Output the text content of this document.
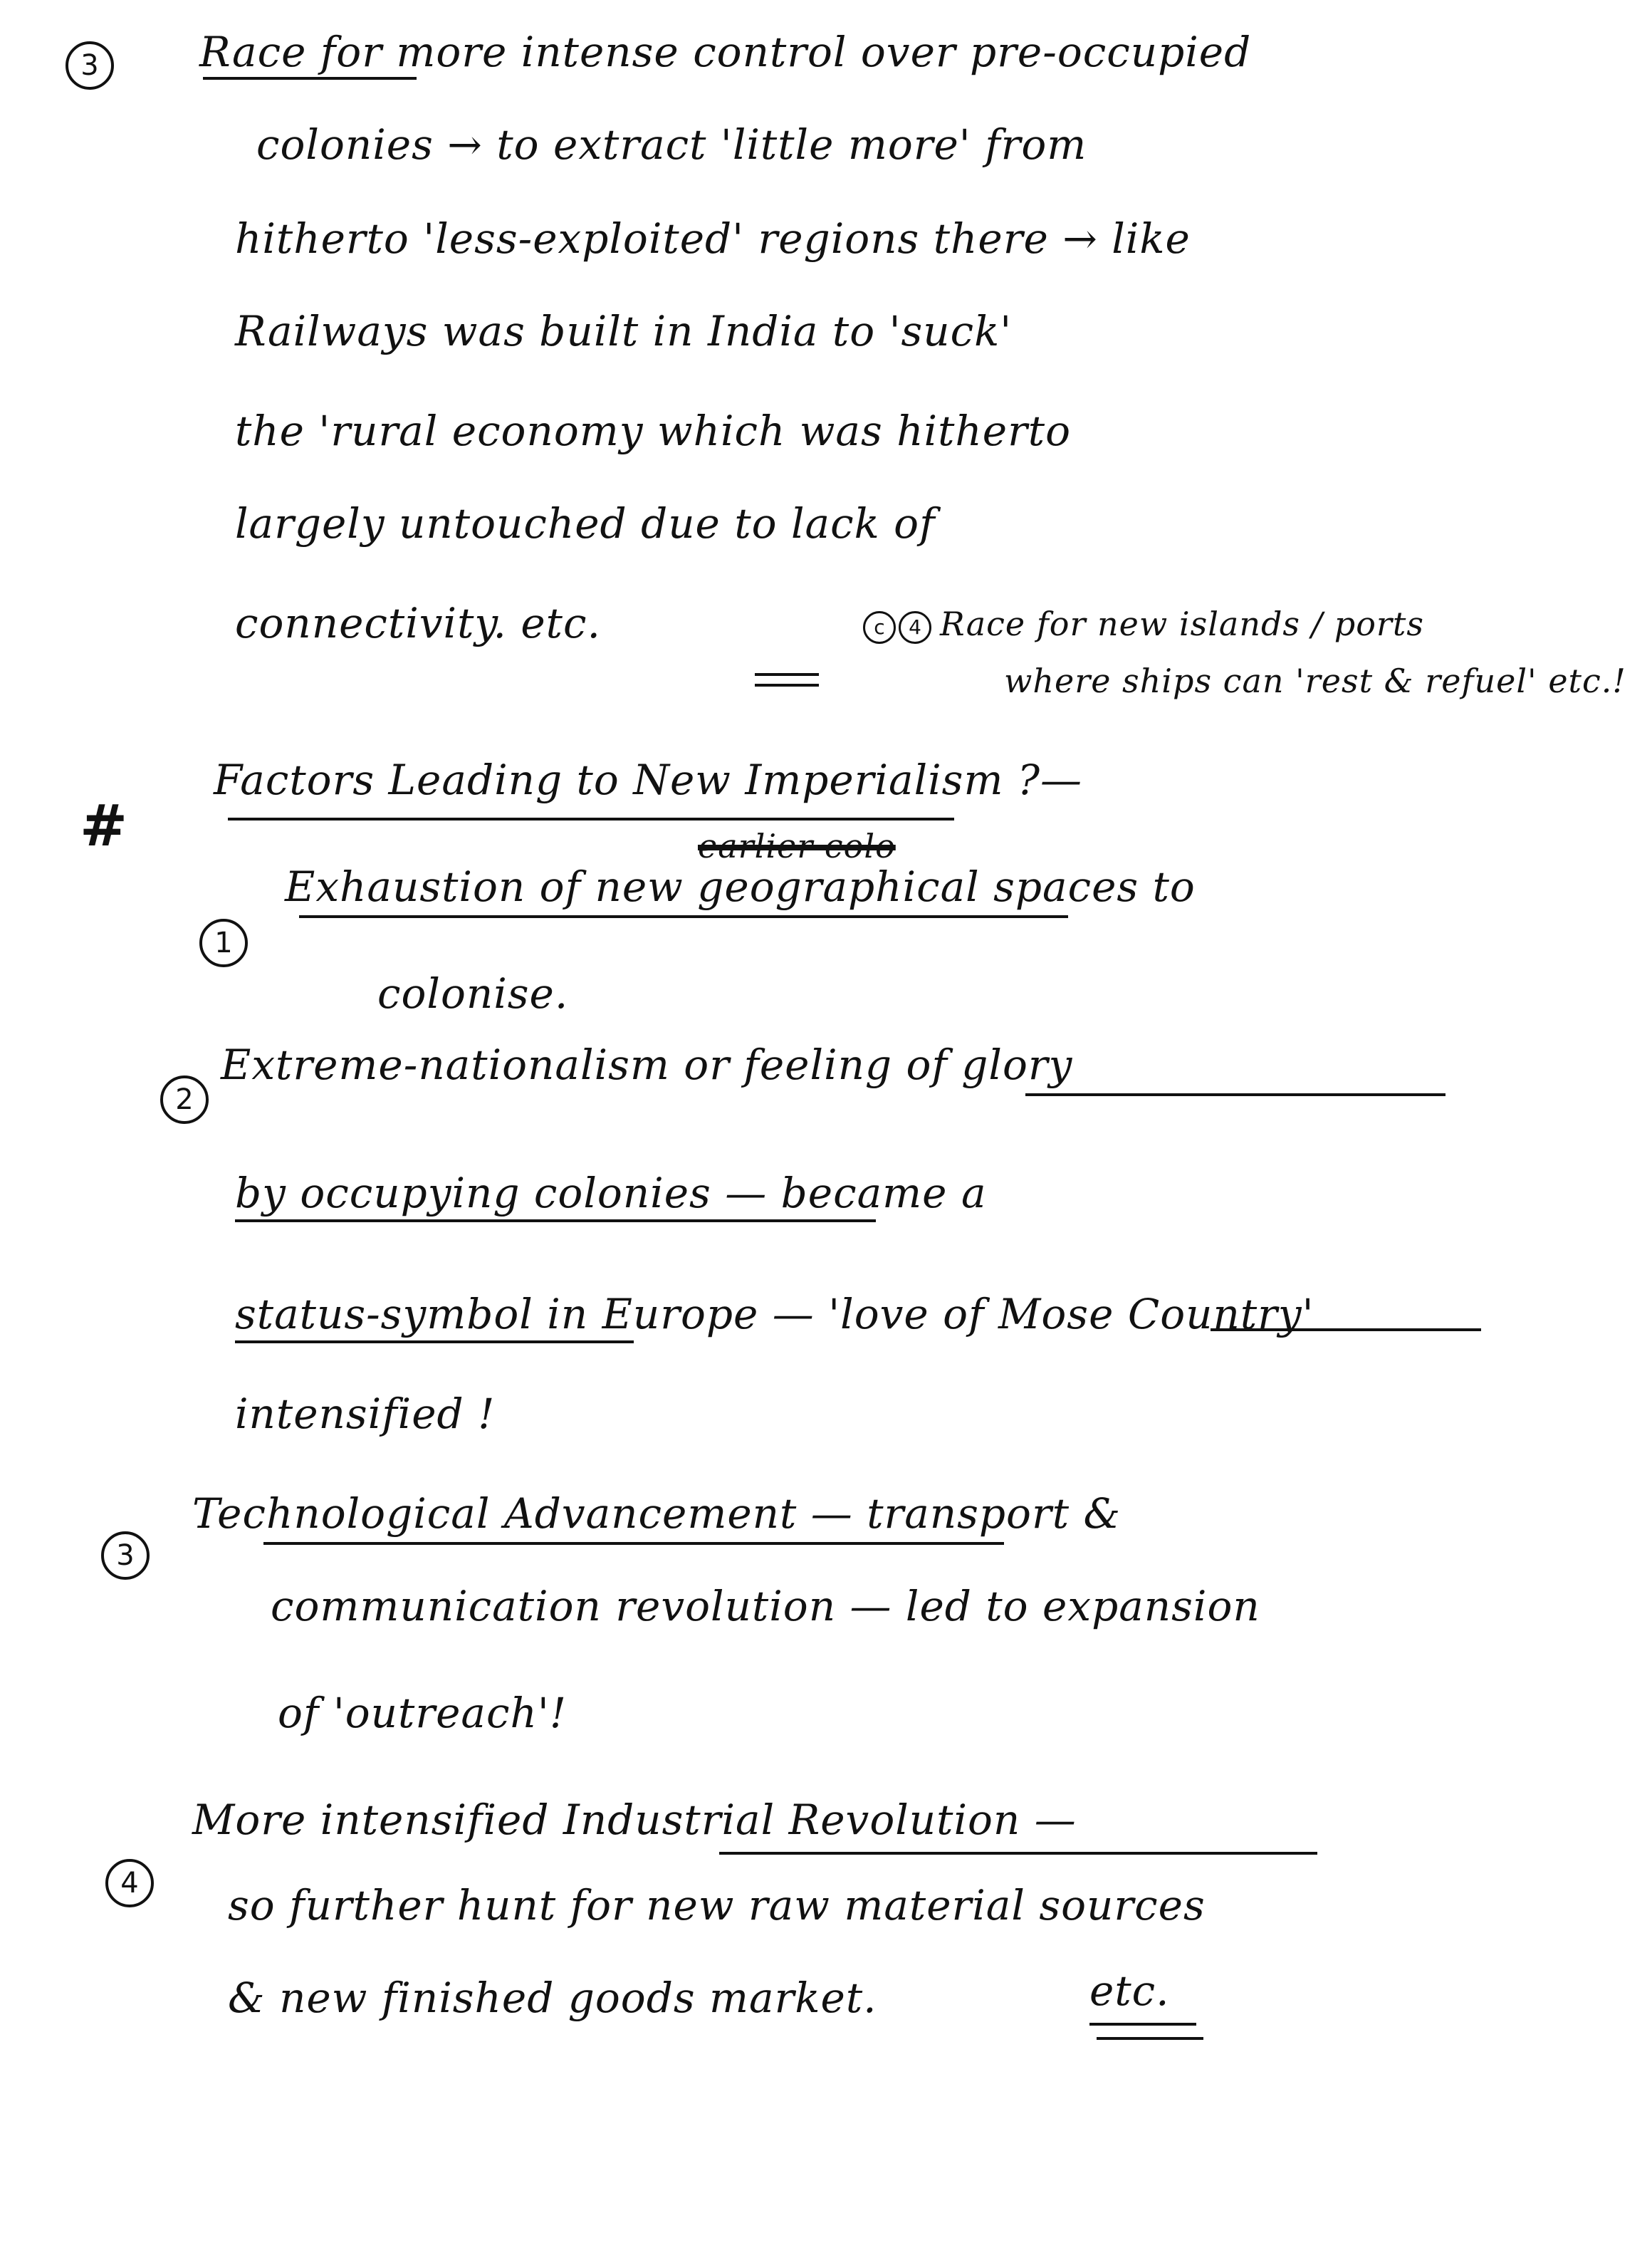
3	Race for more intense control over pre-occupied
colonies → to extract 'little more' from
hitherto 'less-exploited' regions there → like
Railways was built in India to 'suck'
the 'rural economy which was hitherto
largely untouched due to lack of
connectivity. etc.	c	4 Race for new islands / ports
where ships can 'rest & refuel' etc.!
#
Factors Leading to New Imperialism ?—
1
earlier colo
Exhaustion of new geographical spaces to
colonise.
2
Extreme-nationalism or feeling of glory
by occupying colonies — became a
status-symbol in Europe — 'love of Mose Country'
intensified !
3
Technological Advancement — transport &
communication revolution — led to expansion
of 'outreach'!
4
More intensified Industrial Revolution —
so further hunt for new raw material sources
& new finished goods market.	etc.
